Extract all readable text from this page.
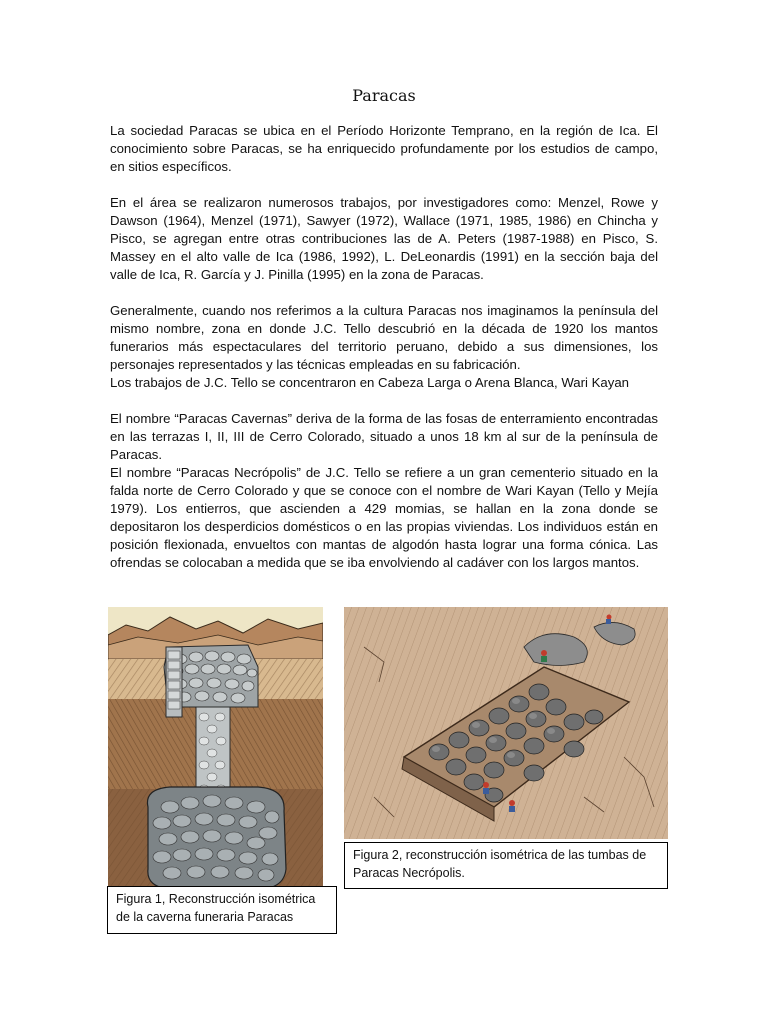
Paracas

La sociedad Paracas se ubica en el Período Horizonte Temprano, en la región de Ica. El conocimiento sobre Paracas, se ha enriquecido profundamente por los estudios de campo, en sitios específicos.

En el área se realizaron numerosos trabajos, por investigadores como: Menzel, Rowe y Dawson (1964), Menzel (1971), Sawyer (1972), Wallace (1971, 1985, 1986) en Chincha y Pisco, se agregan entre otras contribuciones las de A. Peters (1987-1988) en Pisco, S. Massey en el alto valle de Ica (1986, 1992), L. DeLeonardis (1991) en la sección baja del valle de Ica, R. García y J. Pinilla (1995) en la zona de Paracas.

Generalmente, cuando nos referimos a la cultura Paracas nos imaginamos la península del mismo nombre, zona en donde J.C. Tello descubrió en la década de 1920 los mantos funerarios más espectaculares del territorio peruano, debido a sus dimensiones, los personajes representados y las técnicas empleadas en su fabricación.

Los trabajos de J.C. Tello se concentraron en Cabeza Larga o Arena Blanca, Wari Kayan

El nombre “Paracas Cavernas” deriva de la forma de las fosas de enterramiento encontradas en las terrazas I, II, III de Cerro Colorado, situado a unos 18 km al sur de la península de Paracas.

El nombre “Paracas Necrópolis” de J.C. Tello se refiere a un gran cementerio situado en la falda norte de Cerro Colorado y que se conoce con el nombre de Wari Kayan (Tello y Mejía 1979). Los entierros, que ascienden a 429 momias, se hallan en la zona donde se depositaron los desperdicios domésticos o en las propias viviendas. Los individuos están en posición flexionada, envueltos con mantas de algodón hasta lograr una forma cónica. Las ofrendas se colocaban a medida que se iba envolviendo al cadáver con los largos mantos.

Figura 1, Reconstrucción isométrica de la caverna funeraria Paracas
Figura 2, reconstrucción isométrica de las tumbas de Paracas Necrópolis.
